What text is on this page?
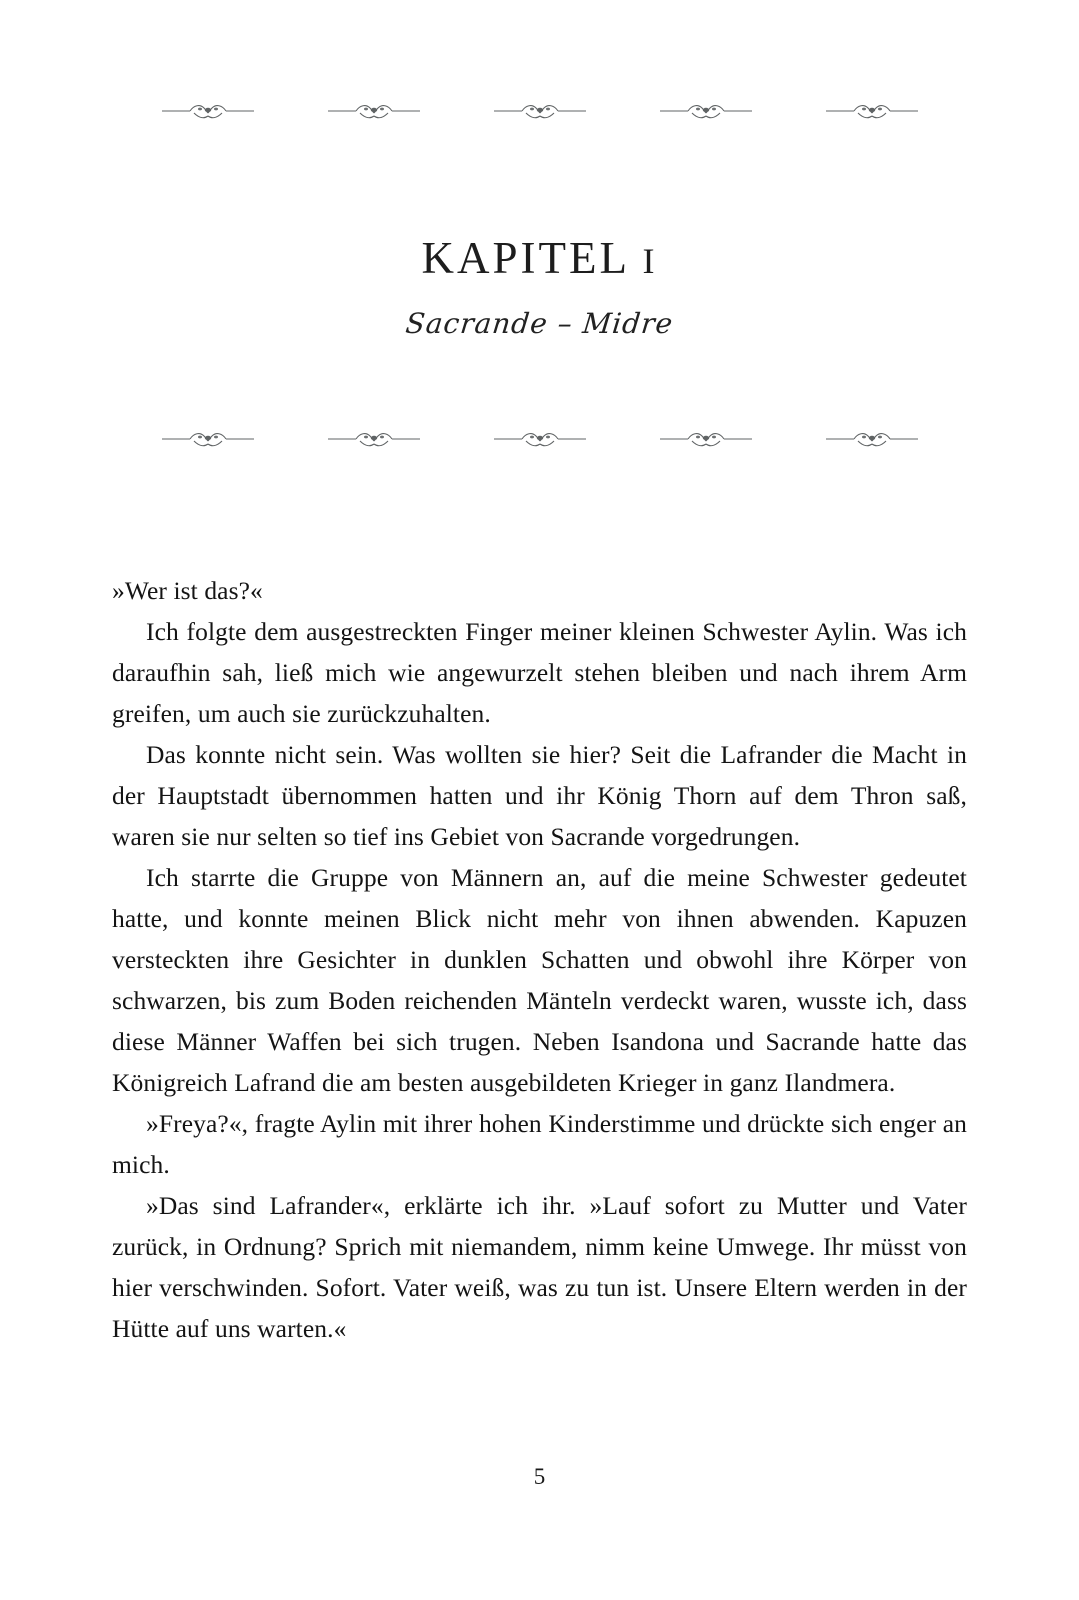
KAPITEL I
Sacrande – Midre

»Wer ist das?«

Ich folgte dem ausgestreckten Finger meiner kleinen Schwester Aylin. Was ich daraufhin sah, ließ mich wie angewurzelt stehen bleiben und nach ihrem Arm greifen, um auch sie zurückzuhalten.

Das konnte nicht sein. Was wollten sie hier? Seit die Lafrander die Macht in der Hauptstadt übernommen hatten und ihr König Thorn auf dem Thron saß, waren sie nur selten so tief ins Gebiet von Sacrande vorgedrungen.

Ich starrte die Gruppe von Männern an, auf die meine Schwester gedeutet hatte, und konnte meinen Blick nicht mehr von ihnen abwenden. Kapuzen versteckten ihre Gesichter in dunklen Schatten und obwohl ihre Körper von schwarzen, bis zum Boden reichenden Mänteln verdeckt waren, wusste ich, dass diese Männer Waffen bei sich trugen. Neben Isandona und Sacrande hatte das Königreich Lafrand die am besten ausgebildeten Krieger in ganz Ilandmera.

»Freya?«, fragte Aylin mit ihrer hohen Kinderstimme und drückte sich enger an mich.

»Das sind Lafrander«, erklärte ich ihr. »Lauf sofort zu Mutter und Vater zurück, in Ordnung? Sprich mit niemandem, nimm keine Umwege. Ihr müsst von hier verschwinden. Sofort. Vater weiß, was zu tun ist. Unsere Eltern werden in der Hütte auf uns warten.«

5
